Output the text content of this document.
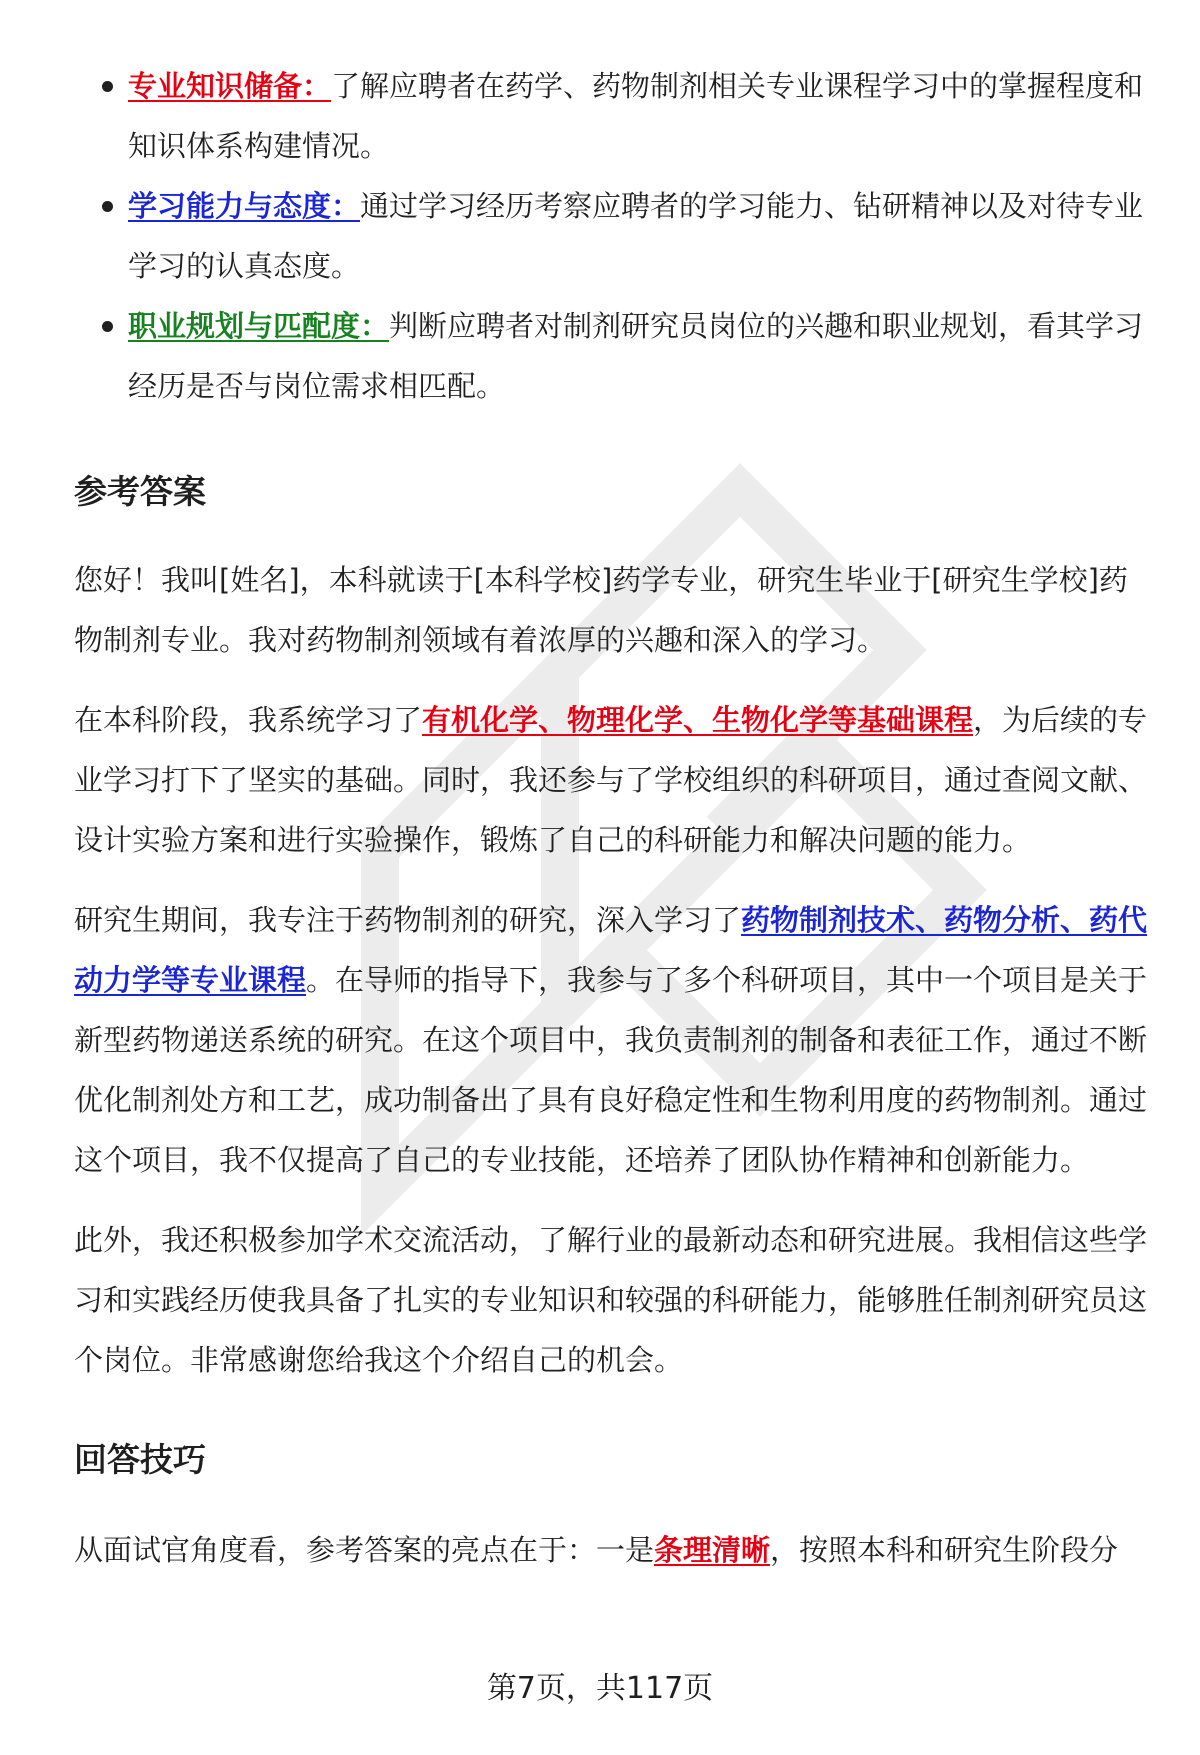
专业知识储备：了解应聘者在药学、药物制剂相关专业课程学习中的掌握程度和知识体系构建情况。
学习能力与态度：通过学习经历考察应聘者的学习能力、钻研精神以及对待专业学习的认真态度。
职业规划与匹配度：判断应聘者对制剂研究员岗位的兴趣和职业规划，看其学习经历是否与岗位需求相匹配。
参考答案

您好！我叫[姓名]，本科就读于[本科学校]药学专业，研究生毕业于[研究生学校]药物制剂专业。我对药物制剂领域有着浓厚的兴趣和深入的学习。

在本科阶段，我系统学习了有机化学、物理化学、生物化学等基础课程，为后续的专业学习打下了坚实的基础。同时，我还参与了学校组织的科研项目，通过查阅文献、设计实验方案和进行实验操作，锻炼了自己的科研能力和解决问题的能力。

研究生期间，我专注于药物制剂的研究，深入学习了药物制剂技术、药物分析、药代动力学等专业课程。在导师的指导下，我参与了多个科研项目，其中一个项目是关于新型药物递送系统的研究。在这个项目中，我负责制剂的制备和表征工作，通过不断优化制剂处方和工艺，成功制备出了具有良好稳定性和生物利用度的药物制剂。通过这个项目，我不仅提高了自己的专业技能，还培养了团队协作精神和创新能力。

此外，我还积极参加学术交流活动，了解行业的最新动态和研究进展。我相信这些学习和实践经历使我具备了扎实的专业知识和较强的科研能力，能够胜任制剂研究员这个岗位。非常感谢您给我这个介绍自己的机会。

回答技巧

从面试官角度看，参考答案的亮点在于：一是条理清晰，按照本科和研究生阶段分

第7页，共117页
